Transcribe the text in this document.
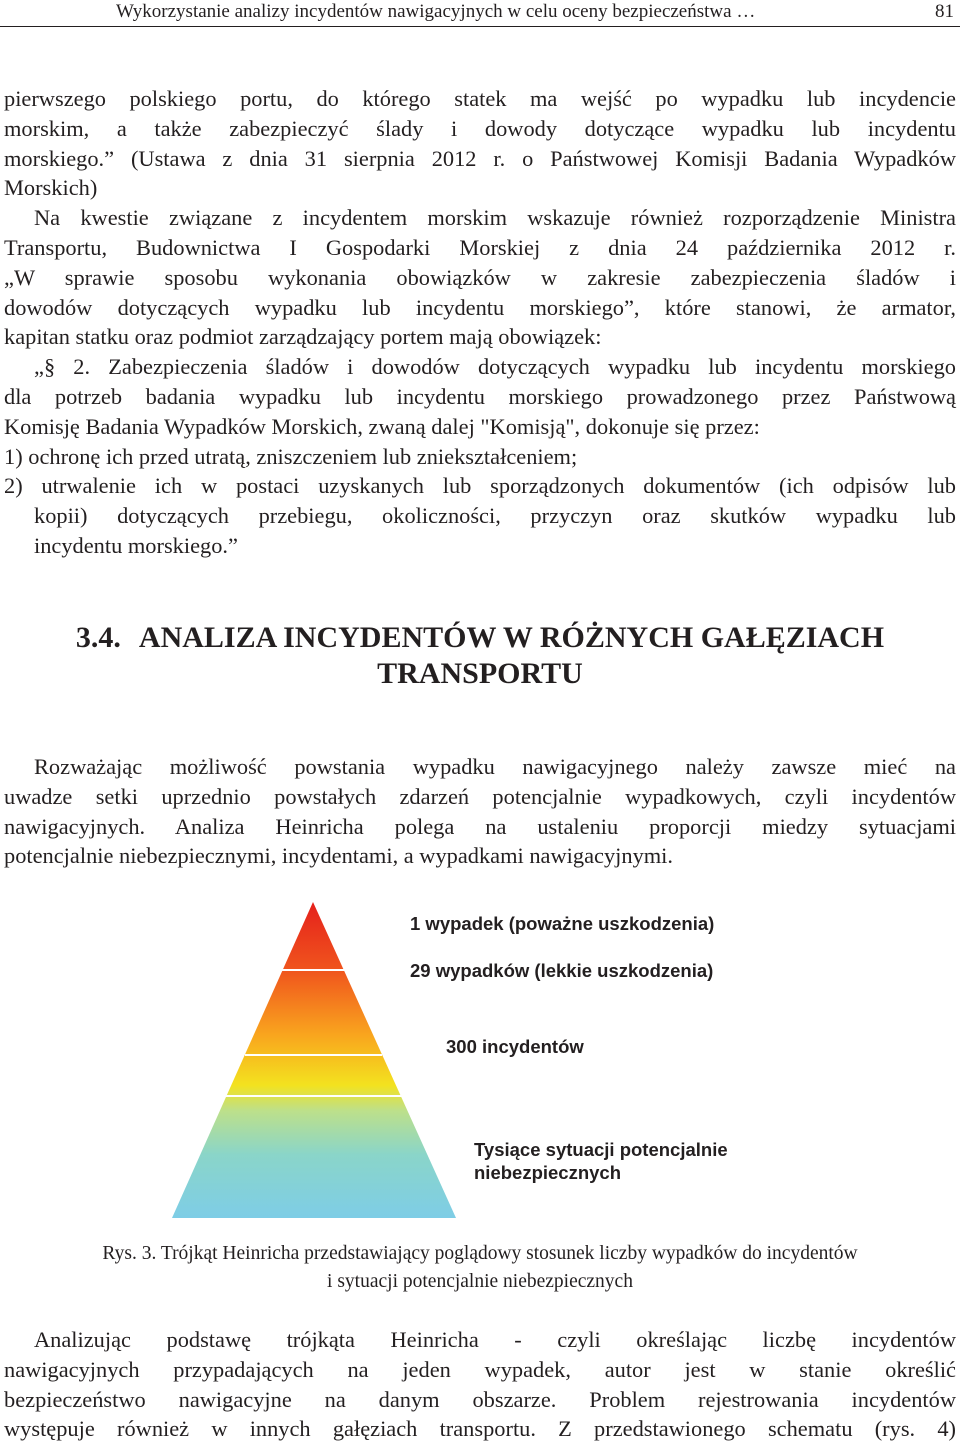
Wykorzystanie analizy incydentów nawigacyjnych w celu oceny bezpieczeństwa …	81
pierwszego polskiego portu, do którego statek ma wejść po wypadku lub incydencie
morskim, a także zabezpieczyć ślady i dowody dotyczące wypadku lub incydentu
morskiego.” (Ustawa z dnia 31 sierpnia 2012 r. o Państwowej Komisji Badania Wypadków
Morskich)
Na kwestie związane z incydentem morskim wskazuje również rozporządzenie Ministra
Transportu, Budownictwa I Gospodarki Morskiej z dnia 24 października 2012 r.
„W sprawie sposobu wykonania obowiązków w zakresie zabezpieczenia śladów i
dowodów dotyczących wypadku lub incydentu morskiego”, które stanowi, że armator,
kapitan statku oraz podmiot zarządzający portem mają obowiązek:
„§ 2. Zabezpieczenia śladów i dowodów dotyczących wypadku lub incydentu morskiego
dla potrzeb badania wypadku lub incydentu morskiego prowadzonego przez Państwową
Komisję Badania Wypadków Morskich, zwaną dalej "Komisją", dokonuje się przez:
1) ochronę ich przed utratą, zniszczeniem lub zniekształceniem;
2) utrwalenie ich w postaci uzyskanych lub sporządzonych dokumentów (ich odpisów lub
kopii) dotyczących przebiegu, okoliczności, przyczyn oraz skutków wypadku lub
incydentu morskiego.”
3.4. ANALIZA INCYDENTÓW W RÓŻNYCH GAŁĘZIACH
TRANSPORTU
Rozważając możliwość powstania wypadku nawigacyjnego należy zawsze mieć na
uwadze setki uprzednio powstałych zdarzeń potencjalnie wypadkowych, czyli incydentów
nawigacyjnych. Analiza Heinricha polega na ustaleniu proporcji miedzy sytuacjami
potencjalnie niebezpiecznymi, incydentami, a wypadkami nawigacyjnymi.
1 wypadek (poważne uszkodzenia)
29 wypadków (lekkie uszkodzenia)
300 incydentów
Tysiące sytuacji potencjalnie
niebezpiecznych
Rys. 3. Trójkąt Heinricha przedstawiający poglądowy stosunek liczby wypadków do incydentów
i sytuacji potencjalnie niebezpiecznych
Analizując podstawę trójkąta Heinricha - czyli określając liczbę incydentów
nawigacyjnych przypadających na jeden wypadek, autor jest w stanie określić
bezpieczeństwo nawigacyjne na danym obszarze. Problem rejestrowania incydentów
występuje również w innych gałęziach transportu. Z przedstawionego schematu (rys. 4)
